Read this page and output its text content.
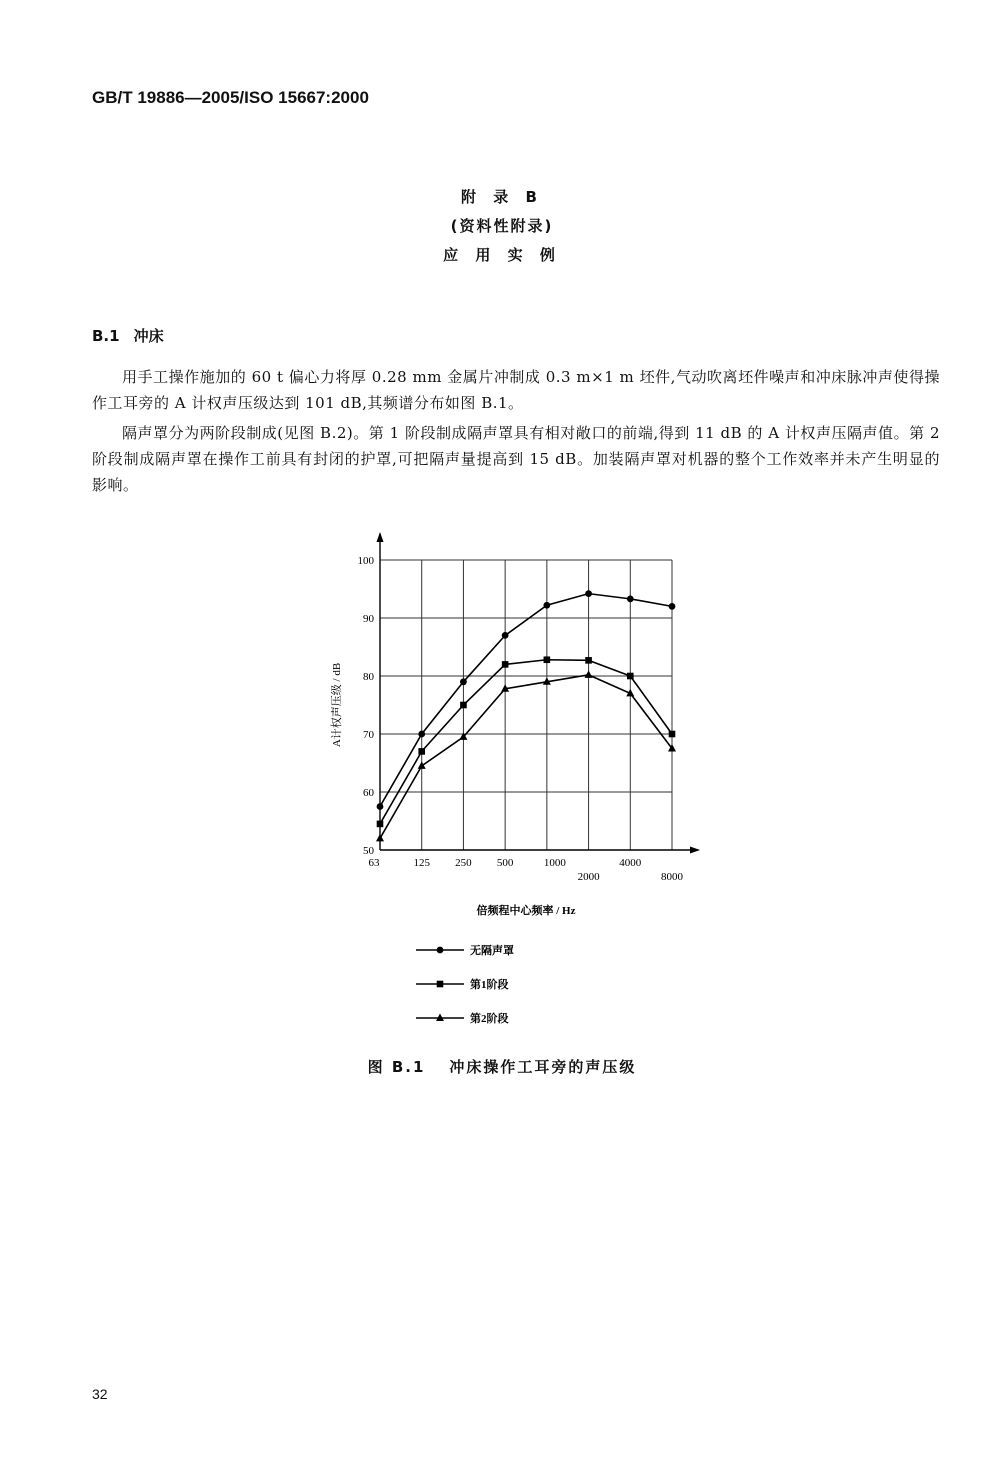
GB/T 19886—2005/ISO 15667:2000
附 录 B
(资料性附录)
应 用 实 例
B.1 冲床
用手工操作施加的 60 t 偏心力将厚 0.28 mm 金属片冲制成 0.3 m×1 m 坯件,气动吹离坯件噪声和冲床脉冲声使得操作工耳旁的 A 计权声压级达到 101 dB,其频谱分布如图 B.1。
隔声罩分为两阶段制成(见图 B.2)。第 1 阶段制成隔声罩具有相对敞口的前端,得到 11 dB 的 A 计权声压隔声值。第 2 阶段制成隔声罩在操作工前具有封闭的护罩,可把隔声量提高到 15 dB。加装隔声罩对机器的整个工作效率并未产生明显的影响。
50
60
70
80
90
100
63	125 250 500	1000
2000
4000
8000
A计权声压级 / dB
倍频程中心频率 / Hz
无隔声罩
第1阶段
第2阶段
图 B.1 冲床操作工耳旁的声压级
32
